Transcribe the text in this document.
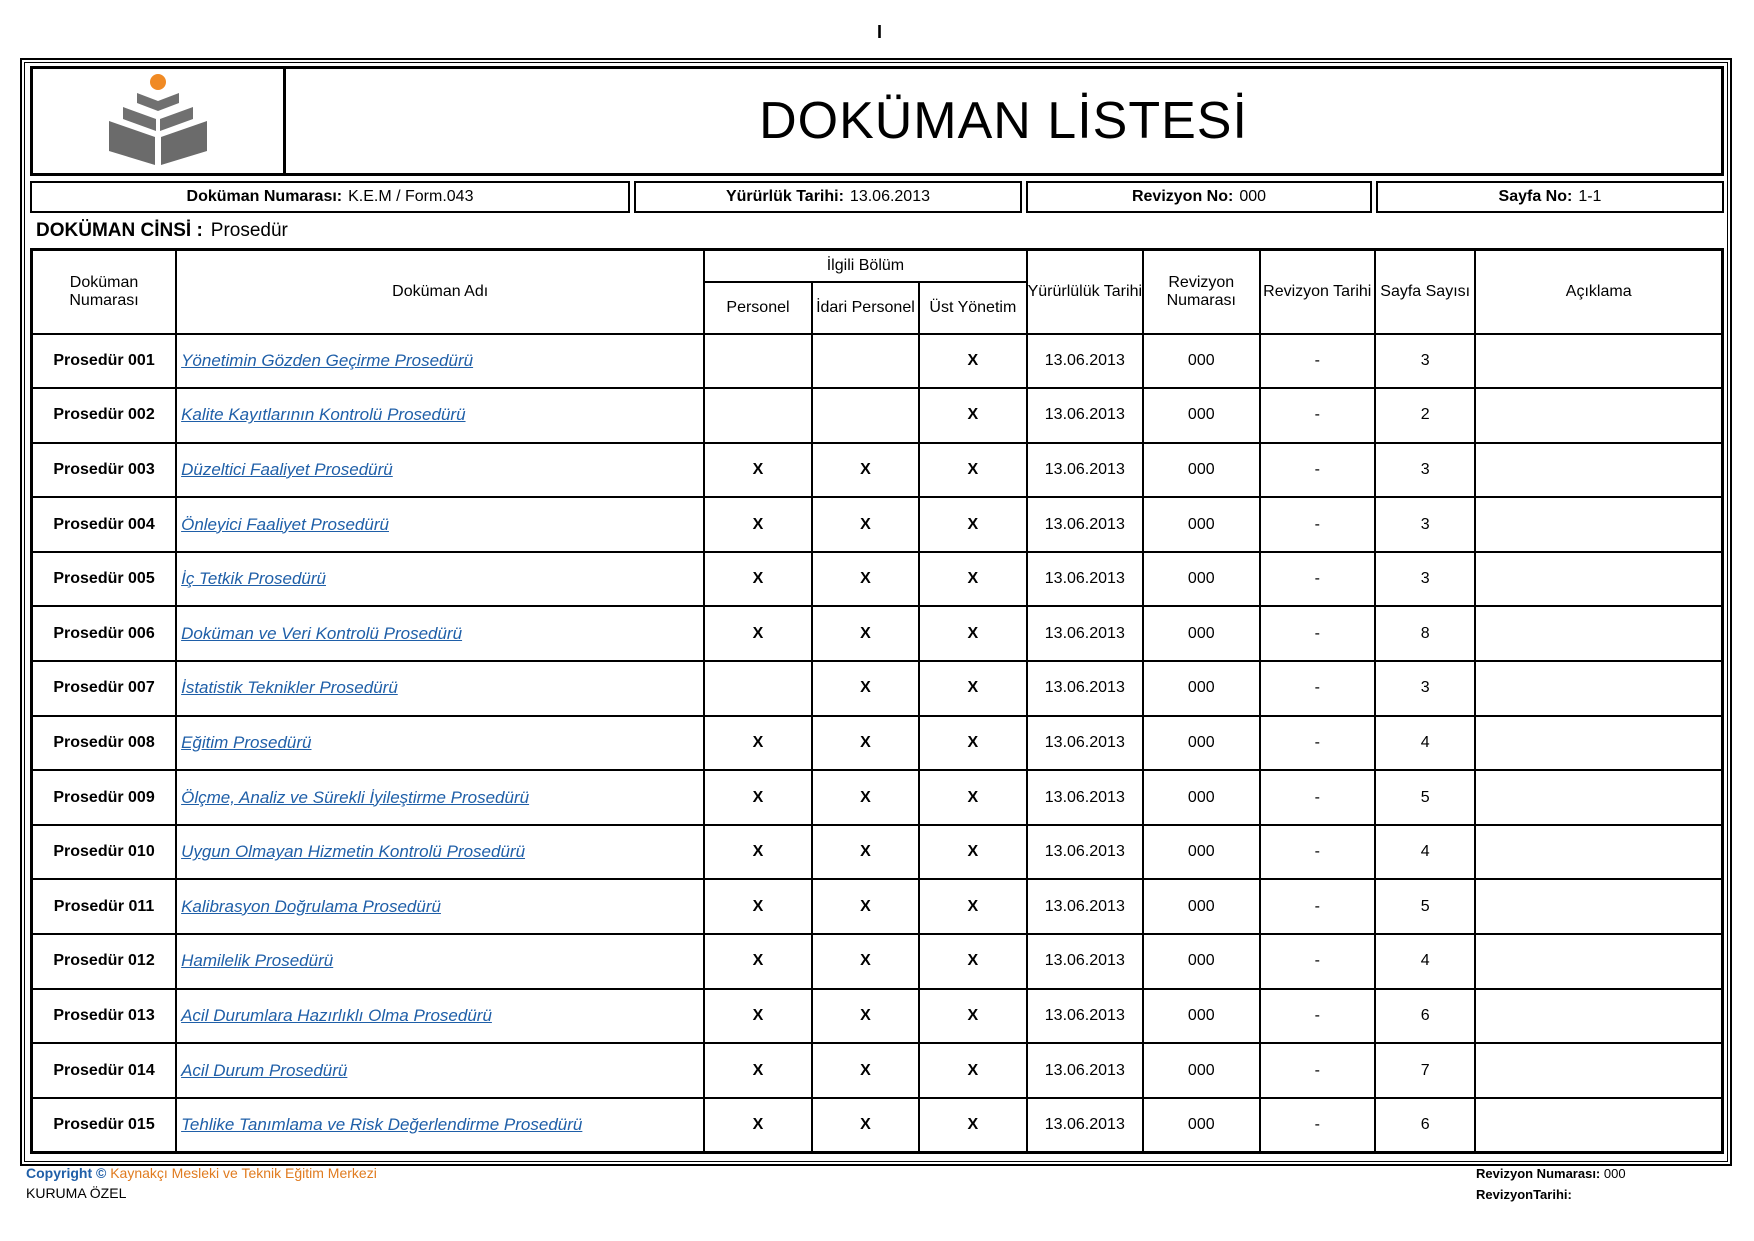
I
DOKÜMAN LİSTESİ
Doküman Numarası: K.E.M / Form.043	Yürürlük Tarihi: 13.06.2013	Revizyon No: 000	Sayfa No: 1-1
DOKÜMAN CİNSİ : Prosedür
Doküman Numarası	Doküman Adı	İlgili Bölüm			Yürürlülük Tarihi	Revizyon Numarası	Revizyon Tarihi	Sayfa Sayısı	Açıklama
		Personel	İdari Personel	Üst Yönetim					
Prosedür 001	Yönetimin Gözden Geçirme Prosedürü			X	13.06.2013	000	-	3	
Prosedür 002	Kalite Kayıtlarının Kontrolü Prosedürü			X	13.06.2013	000	-	2	
Prosedür 003	Düzeltici Faaliyet Prosedürü	X	X	X	13.06.2013	000	-	3	
Prosedür 004	Önleyici Faaliyet Prosedürü	X	X	X	13.06.2013	000	-	3	
Prosedür 005	İç Tetkik Prosedürü	X	X	X	13.06.2013	000	-	3	
Prosedür 006	Doküman ve Veri Kontrolü Prosedürü	X	X	X	13.06.2013	000	-	8	
Prosedür 007	İstatistik Teknikler Prosedürü		X	X	13.06.2013	000	-	3	
Prosedür 008	Eğitim Prosedürü	X	X	X	13.06.2013	000	-	4	
Prosedür 009	Ölçme, Analiz ve Sürekli İyileştirme Prosedürü	X	X	X	13.06.2013	000	-	5	
Prosedür 010	Uygun Olmayan Hizmetin Kontrolü Prosedürü	X	X	X	13.06.2013	000	-	4	
Prosedür 011	Kalibrasyon Doğrulama Prosedürü	X	X	X	13.06.2013	000	-	5	
Prosedür 012	Hamilelik Prosedürü	X	X	X	13.06.2013	000	-	4	
Prosedür 013	Acil Durumlara Hazırlıklı Olma Prosedürü	X	X	X	13.06.2013	000	-	6	
Prosedür 014	Acil Durum Prosedürü	X	X	X	13.06.2013	000	-	7	
Prosedür 015	Tehlike Tanımlama ve Risk Değerlendirme Prosedürü	X	X	X	13.06.2013	000	-	6	
Copyright © Kaynakçı Mesleki ve Teknik Eğitim Merkezi
KURUMA ÖZEL
Revizyon Numarası: 000
RevizyonTarihi:
